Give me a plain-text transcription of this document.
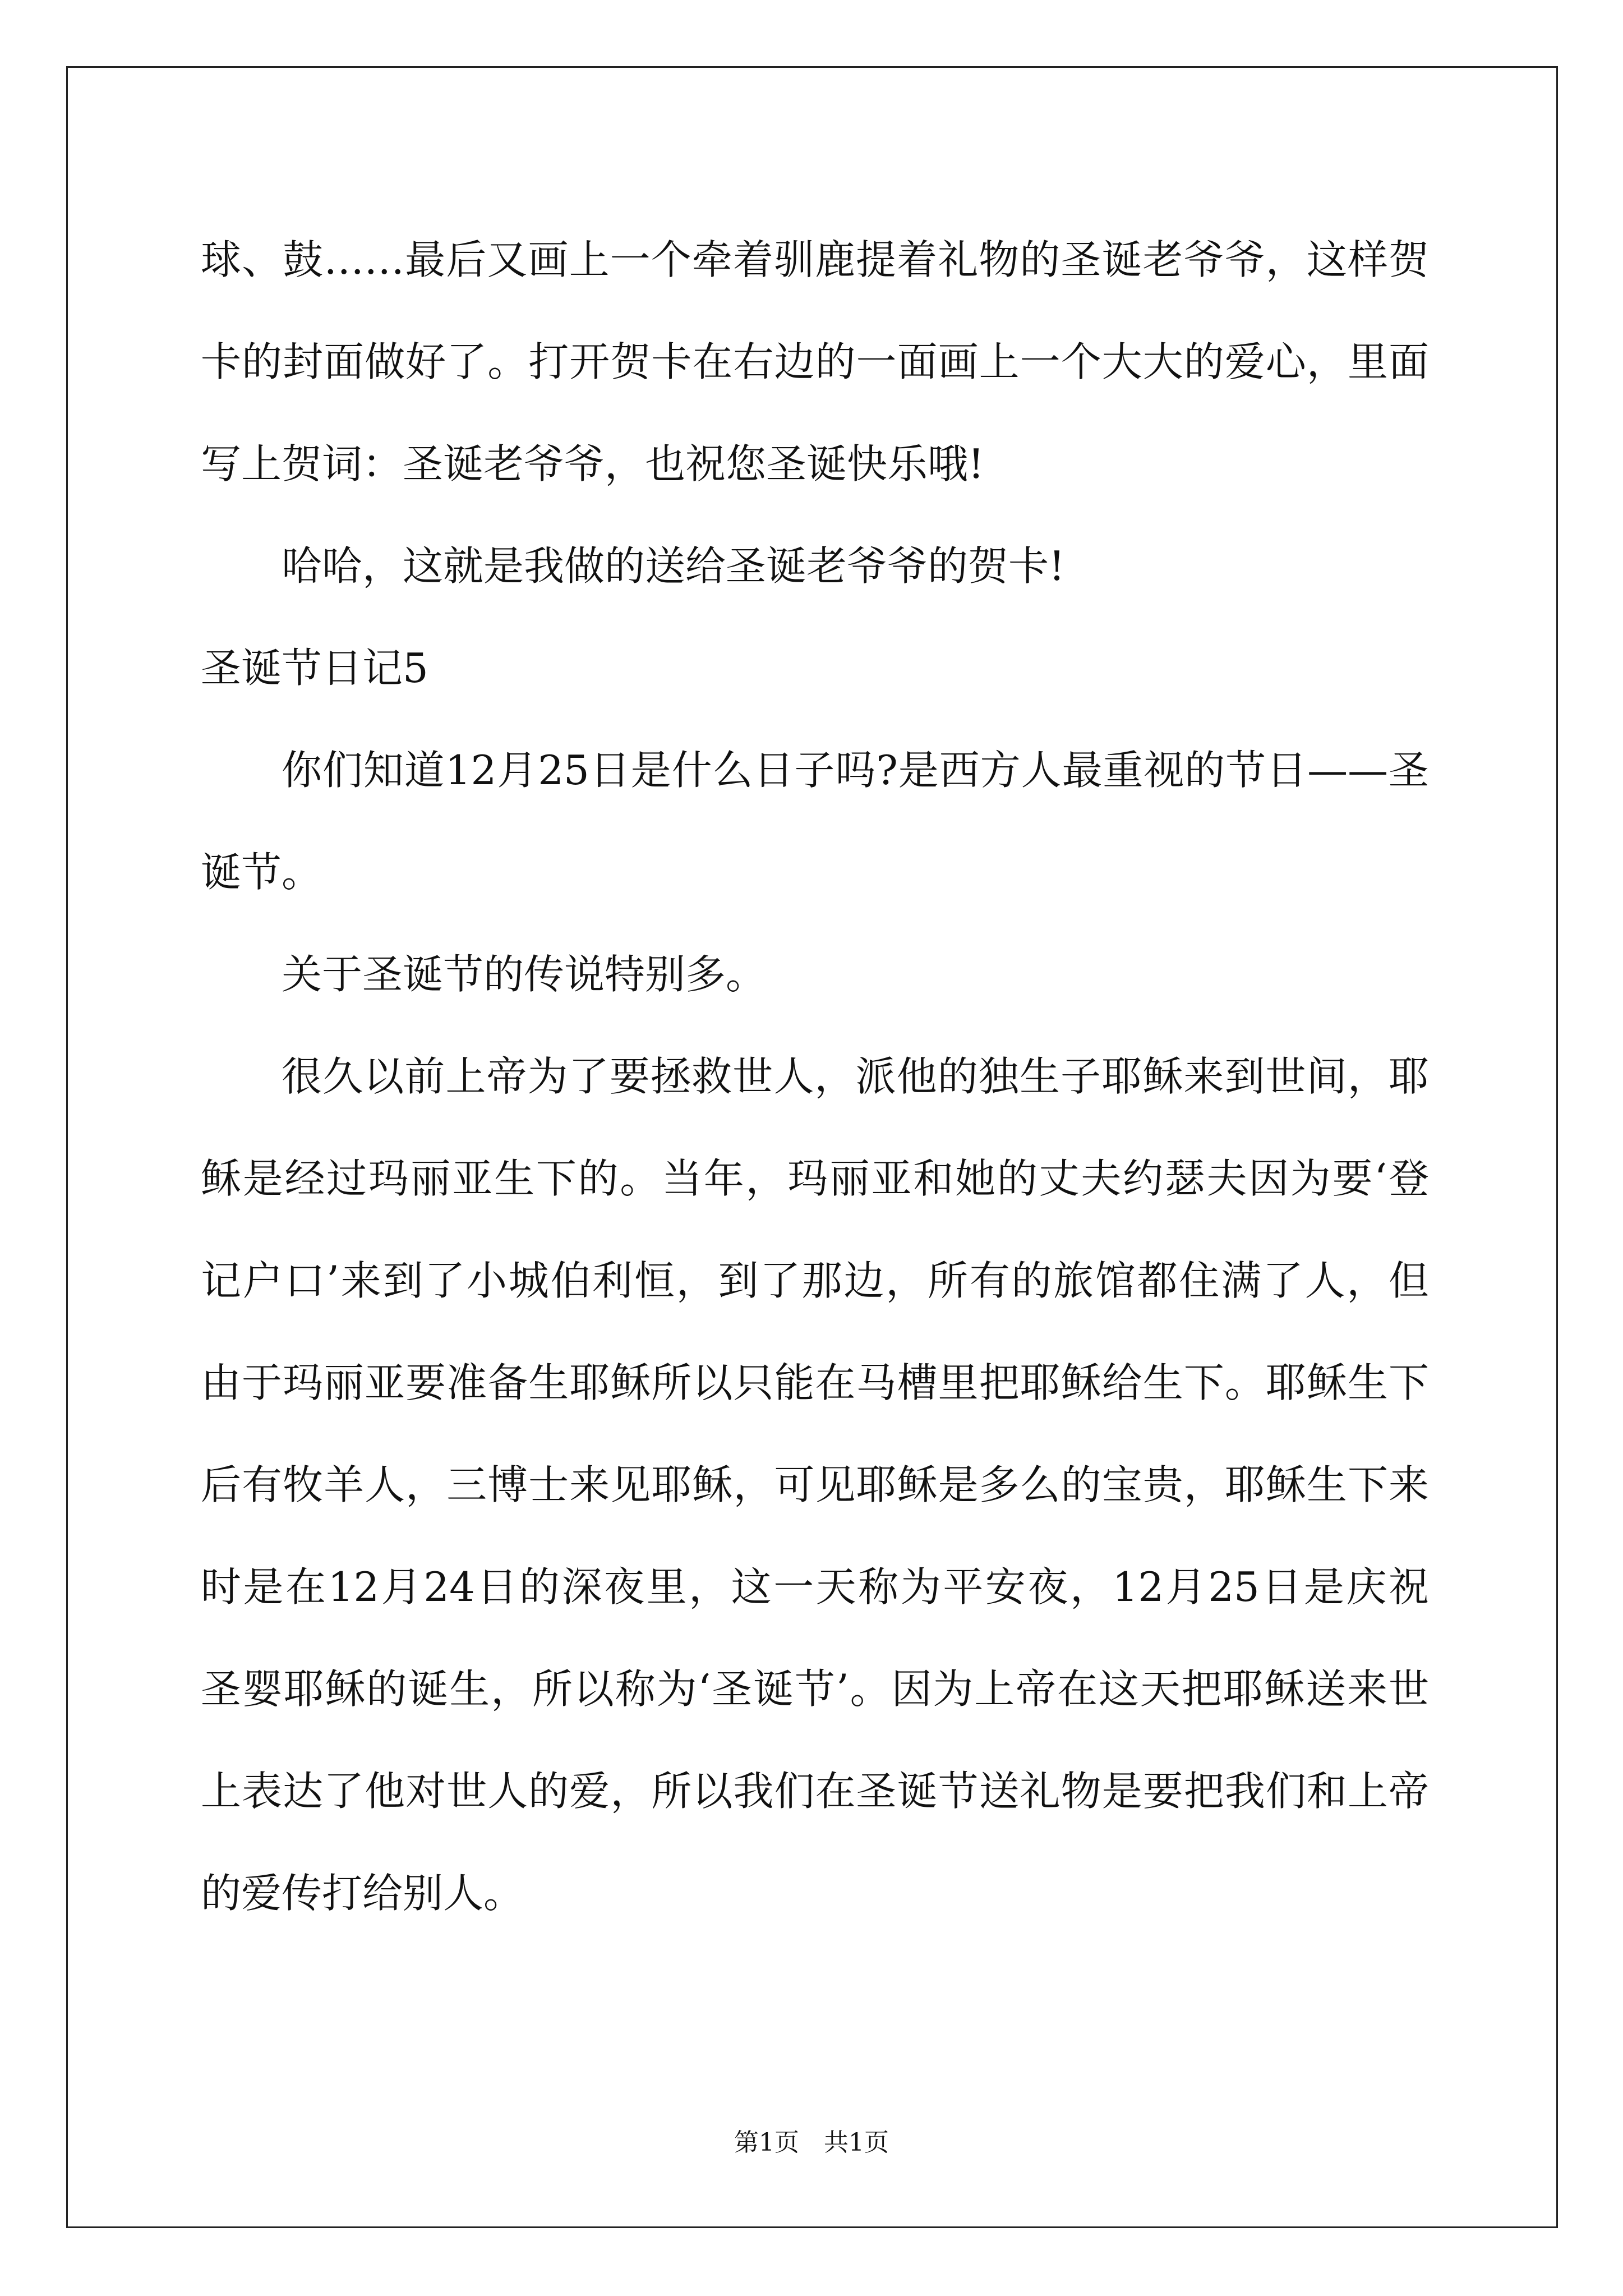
球、鼓……最后又画上一个牵着驯鹿提着礼物的圣诞老爷爷，这样贺
卡的封面做好了。打开贺卡在右边的一面画上一个大大的爱心，里面
写上贺词：圣诞老爷爷，也祝您圣诞快乐哦!
哈哈，这就是我做的送给圣诞老爷爷的贺卡!
圣诞节日记5
你们知道12月25日是什么日子吗?是西方人最重视的节日——圣
诞节。
关于圣诞节的传说特别多。
很久以前上帝为了要拯救世人，派他的独生子耶稣来到世间，耶
稣是经过玛丽亚生下的。当年，玛丽亚和她的丈夫约瑟夫因为要‘登
记户口’来到了小城伯利恒，到了那边，所有的旅馆都住满了人，但
由于玛丽亚要准备生耶稣所以只能在马槽里把耶稣给生下。耶稣生下
后有牧羊人，三博士来见耶稣，可见耶稣是多么的宝贵，耶稣生下来
时是在12月24日的深夜里，这一天称为平安夜，12月25日是庆祝
圣婴耶稣的诞生，所以称为‘圣诞节’。因为上帝在这天把耶稣送来世
上表达了他对世人的爱，所以我们在圣诞节送礼物是要把我们和上帝
的爱传打给别人。
第1页 共1页
